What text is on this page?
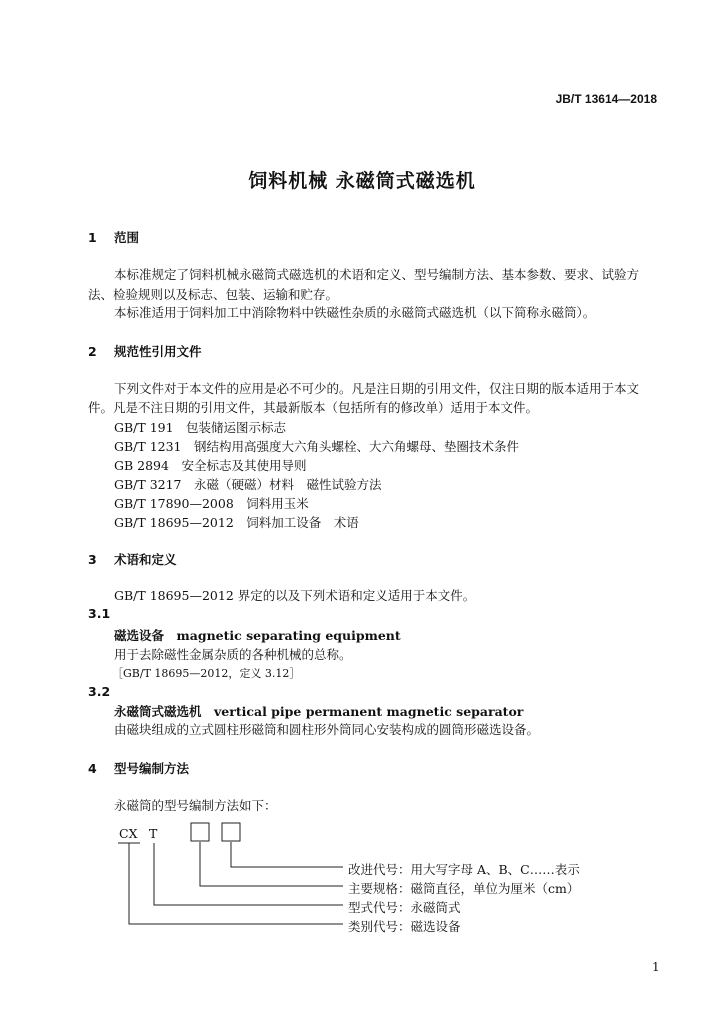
JB/T 13614—2018
饲料机械 永磁筒式磁选机
1 范围
本标准规定了饲料机械永磁筒式磁选机的术语和定义、型号编制方法、基本参数、要求、试验方
法、检验规则以及标志、包装、运输和贮存。
本标准适用于饲料加工中消除物料中铁磁性杂质的永磁筒式磁选机（以下简称永磁筒）。
2 规范性引用文件
下列文件对于本文件的应用是必不可少的。凡是注日期的引用文件，仅注日期的版本适用于本文
件。凡是不注日期的引用文件，其最新版本（包括所有的修改单）适用于本文件。
GB/T 191　包装储运图示标志
GB/T 1231　钢结构用高强度大六角头螺栓、大六角螺母、垫圈技术条件
GB 2894　安全标志及其使用导则
GB/T 3217　永磁（硬磁）材料　磁性试验方法
GB/T 17890—2008　饲料用玉米
GB/T 18695—2012　饲料加工设备　术语
3 术语和定义
GB/T 18695—2012 界定的以及下列术语和定义适用于本文件。
3.1
磁选设备　 magnetic separating equipment
用于去除磁性金属杂质的各种机械的总称。
［GB/T 18695—2012，定义 3.12］
3.2
永磁筒式磁选机　 vertical pipe permanent magnetic separator
由磁块组成的立式圆柱形磁筒和圆柱形外筒同心安装构成的圆筒形磁选设备。
4 型号编制方法
永磁筒的型号编制方法如下：
CX T
改进代号：用大写字母 A、B、C……表示
主要规格：磁筒直径，单位为厘米（cm）
型式代号：永磁筒式
类别代号：磁选设备
1
